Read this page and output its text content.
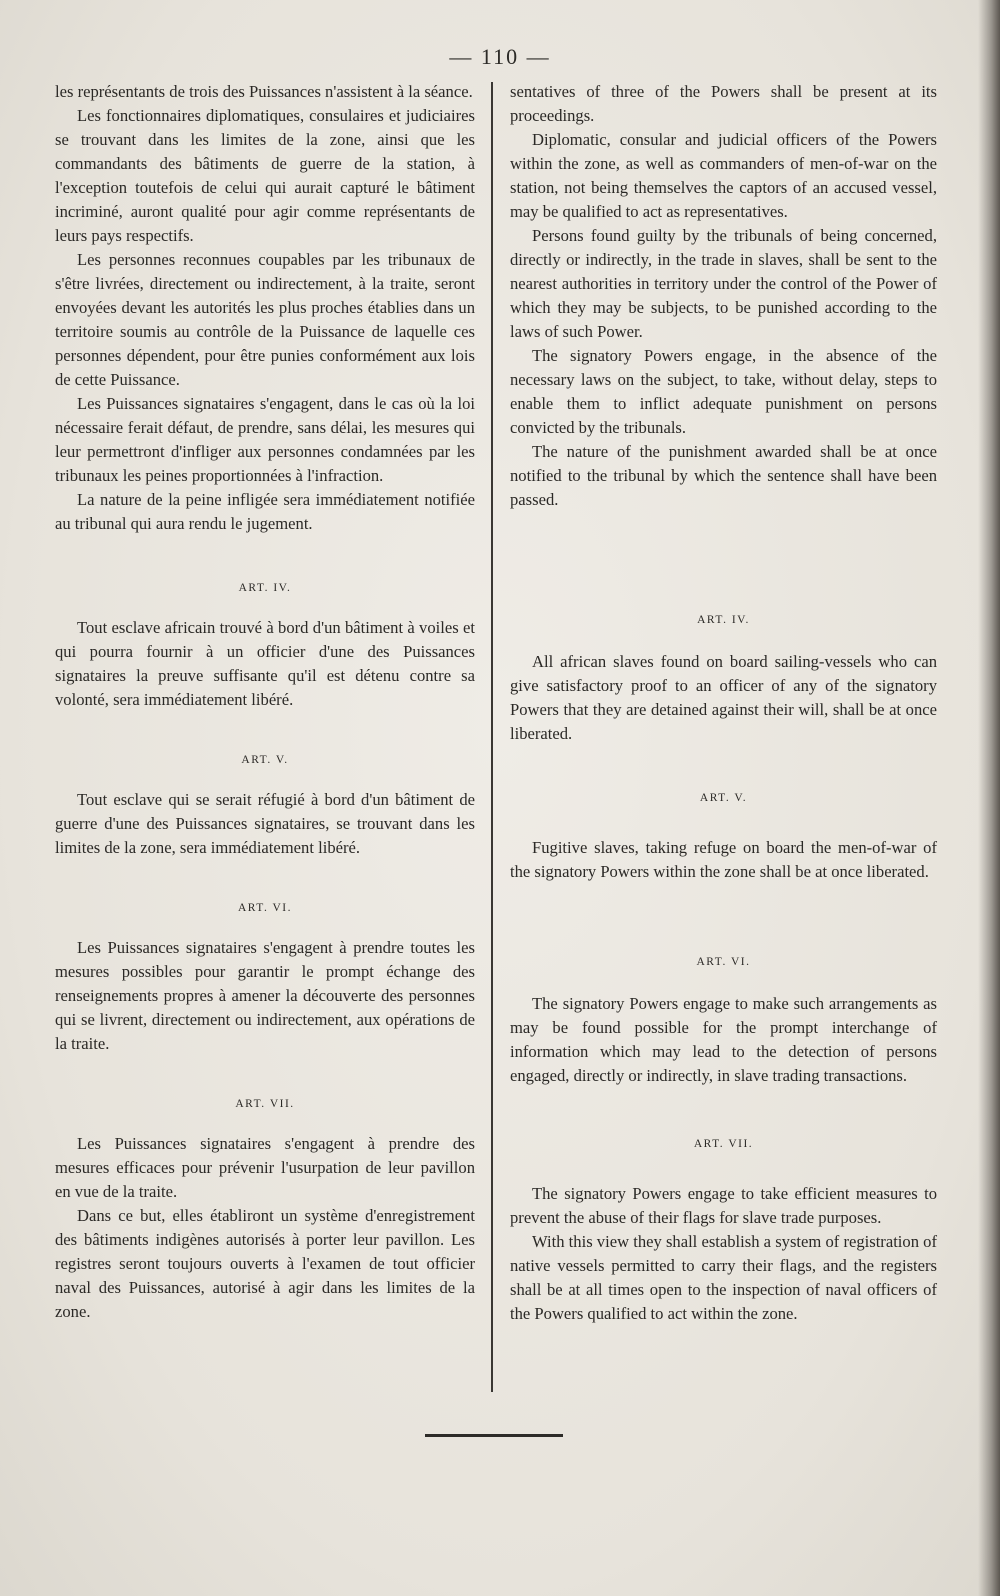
— 110 —

les représentants de trois des Puissances n'assistent à la séance.

Les fonctionnaires diplomatiques, consulaires et judiciaires se trouvant dans les limites de la zone, ainsi que les commandants des bâtiments de guerre de la station, à l'exception toutefois de celui qui aurait capturé le bâtiment incriminé, auront qualité pour agir comme représentants de leurs pays respectifs.

Les personnes reconnues coupables par les tribunaux de s'être livrées, directement ou indirectement, à la traite, seront envoyées devant les autorités les plus proches établies dans un territoire soumis au contrôle de la Puissance de laquelle ces personnes dépendent, pour être punies conformément aux lois de cette Puissance.

Les Puissances signataires s'engagent, dans le cas où la loi nécessaire ferait défaut, de prendre, sans délai, les mesures qui leur permettront d'infliger aux personnes condamnées par les tribunaux les peines proportionnées à l'infraction.

La nature de la peine infligée sera immédiatement notifiée au tribunal qui aura rendu le jugement.

ART. IV.

Tout esclave africain trouvé à bord d'un bâtiment à voiles et qui pourra fournir à un officier d'une des Puissances signataires la preuve suffisante qu'il est détenu contre sa volonté, sera immédiatement libéré.

ART. V.

Tout esclave qui se serait réfugié à bord d'un bâtiment de guerre d'une des Puissances signataires, se trouvant dans les limites de la zone, sera immédiatement libéré.

ART. VI.

Les Puissances signataires s'engagent à prendre toutes les mesures possibles pour garantir le prompt échange des renseignements propres à amener la découverte des personnes qui se livrent, directement ou indirectement, aux opérations de la traite.

ART. VII.

Les Puissances signataires s'engagent à prendre des mesures efficaces pour prévenir l'usurpation de leur pavillon en vue de la traite.

Dans ce but, elles établiront un système d'enregistrement des bâtiments indigènes autorisés à porter leur pavillon. Les registres seront toujours ouverts à l'examen de tout officier naval des Puissances, autorisé à agir dans les limites de la zone.

sentatives of three of the Powers shall be present at its proceedings.

Diplomatic, consular and judicial officers of the Powers within the zone, as well as commanders of men-of-war on the station, not being themselves the captors of an accused vessel, may be qualified to act as representatives.

Persons found guilty by the tribunals of being concerned, directly or indirectly, in the trade in slaves, shall be sent to the nearest authorities in territory under the control of the Power of which they may be subjects, to be punished according to the laws of such Power.

The signatory Powers engage, in the absence of the necessary laws on the subject, to take, without delay, steps to enable them to inflict adequate punishment on persons convicted by the tribunals.

The nature of the punishment awarded shall be at once notified to the tribunal by which the sentence shall have been passed.

ART. IV.

All african slaves found on board sailing-vessels who can give satisfactory proof to an officer of any of the signatory Powers that they are detained against their will, shall be at once liberated.

ART. V.

Fugitive slaves, taking refuge on board the men-of-war of the signatory Powers within the zone shall be at once liberated.

ART. VI.

The signatory Powers engage to make such arrangements as may be found possible for the prompt interchange of information which may lead to the detection of persons engaged, directly or indirectly, in slave trading transactions.

ART. VII.

The signatory Powers engage to take efficient measures to prevent the abuse of their flags for slave trade purposes.

With this view they shall establish a system of registration of native vessels permitted to carry their flags, and the registers shall be at all times open to the inspection of naval officers of the Powers qualified to act within the zone.
